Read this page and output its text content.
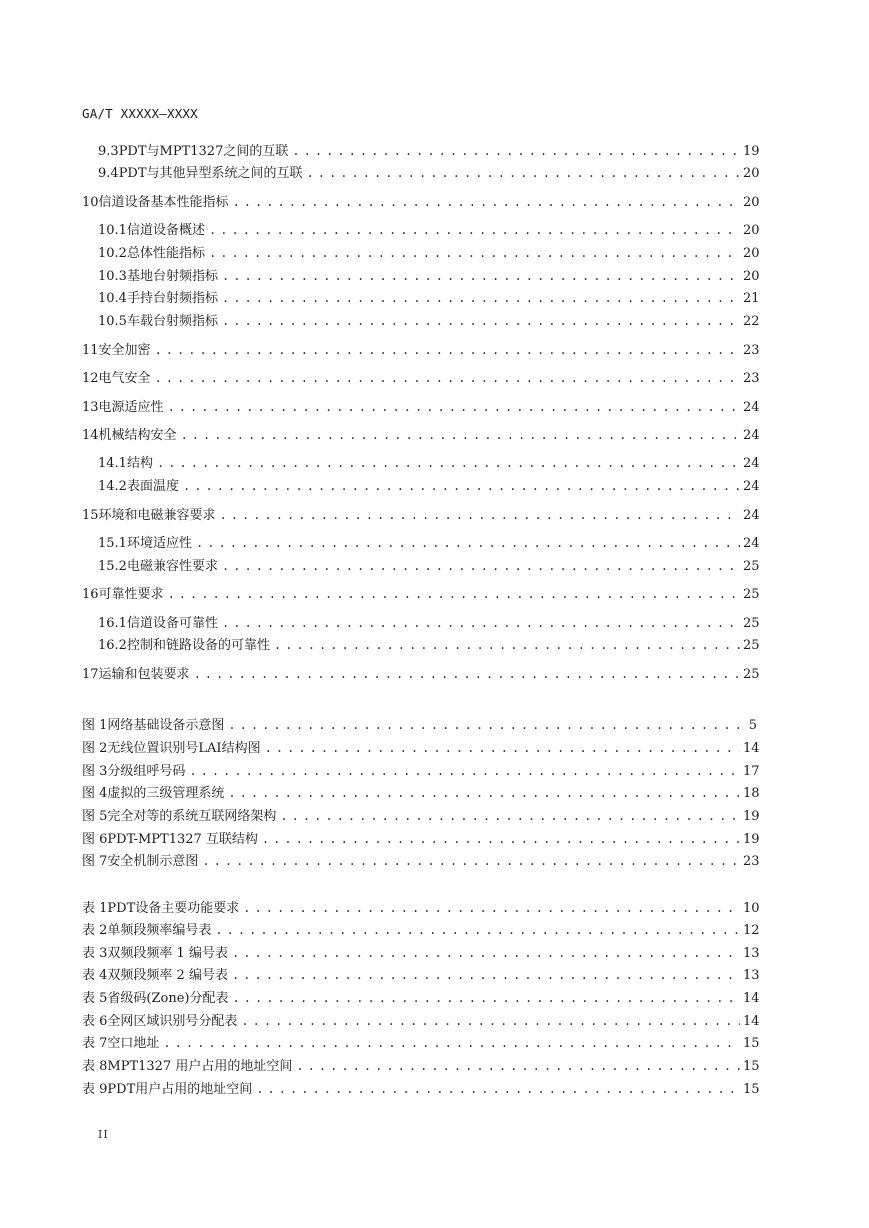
GA/T XXXXX—XXXX
9.3 PDT与MPT1327之间的互联 . . .	19
9.4 PDT与其他异型系统之间的互联 . . .	20
10 信道设备基本性能指标 . . .	20
10.1 信道设备概述 . . .	20
10.2 总体性能指标 . . .	20
10.3 基地台射频指标 . . .	20
10.4 手持台射频指标 . . .	21
10.5 车载台射频指标 . . .	22
11 安全加密 . . .	23
12 电气安全 . . .	23
13 电源适应性 . . .	24
14 机械结构安全 . . .	24
14.1 结构 . . .	24
14.2 表面温度 . . .	24
15 环境和电磁兼容要求 . . .	24
15.1 环境适应性 . . .	24
15.2 电磁兼容性要求 . . .	25
16 可靠性要求 . . .	25
16.1 信道设备可靠性 . . .	25
16.2 控制和链路设备的可靠性 . . .	25
17 运输和包装要求 . . .	25
图 1 网络基础设备示意图 . . .	5
图 2 无线位置识别号LAI结构图 . . .	14
图 3 分级组呼号码 . . .	17
图 4 虚拟的三级管理系统 . . .	18
图 5 完全对等的系统互联网络架构 . . .	19
图 6 PDT-MPT1327 互联结构 . . .	19
图 7 安全机制示意图 . . .	23
表 1 PDT设备主要功能要求 . . .	10
表 2 单频段频率编号表 . . .	12
表 3 双频段频率 1 编号表 . . .	13
表 4 双频段频率 2 编号表 . . .	13
表 5 省级码(Zone)分配表 . . .	14
表 6 全网区域识别号分配表 . . .	14
表 7 空口地址 . . .	15
表 8 MPT1327 用户占用的地址空间 . . .	15
表 9 PDT用户占用的地址空间 . . .	15
II
